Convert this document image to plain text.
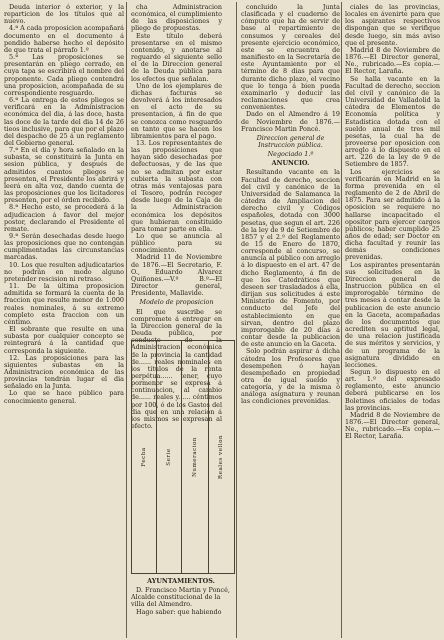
Deuda interior ó exterior, y la reparticion de los títulos que al nuevo.

4.ª A cada proposicion acompañará documento en el documento á pendido haberse hecho el depósito de que trata el párrafo 1.º

5.ª Las proposiciones se presentarán en pliego cerrado, en cuya tapa se escribirá el nombre del proponente. Cada pliego contendrá una proposicion, acompañada de su correspondiente resguardo.

6.ª La entrega de estos pliegos se verificará en la Administracion económica del dia, á las doce, hasta las doce de la tarde del dia 14 de 26 tieos inclusive, para que por el plazo del despacho de 25 á un reglamento del Gobierno general.

7.ª En el dia y hora señalado en la subasta, se constituirá la Junta en sesion pública, y después de admitidos cuantos pliegos se presenten, el Presidente los abrirá y leerá en alta voz, dando cuenta de las proposiciones que los licitadores presenten, por el órden recibido.

8.ª Hecho esto, se procederá á la adjudicacion á favor del mejor postor, declarando el Presidente el remate.

9.ª Serán desechadas desde luego las proposiciones que no contengan cumplimentadas las circunstancias marcadas.

10. Los que resulten adjudicatarios no podrán en modo alguno pretender rescision ni retraso.

11. De la última proposicion admitida se formará la cuenta de la fraccion que resulte menor de 1.000 reales nominales, á su extremo completo esta fraccion con un céntimo.

El sobrante que resulte en una subasta por cualquier concepto se reintegrará á la cantidad que corresponda la siguiente.

12. Las proposiciones para las siguientes subastas en la Administracion económica de las provincias tendrán lugar el dia señalado en la Junta.

Lo que se hace público para conocimiento general.

cha Administracion económica, el cumplimiento de las disposiciones y pliego de propuestas.

Este título deberá presentarse en el mismo contenido, y anotarse al reguardo el siguiente sello el de la Direccion general de la Deuda pública para los efectos que señalan.

Uno de los ejemplares de dichas facturas se devolverá á los interesados en el acto de su presentacion, á fin de que se conozca como resguardo en tanto que se hacen los libramientos para el pago.

13. Los representantes de las proposiciones que hayan sido desechadas por defectuosas, y de las que no se admitan por estar cubierta la subasta con otras más ventajosas para el Tesoro, podrán recoger desde luego de la Caja de la Administracion económica los depósitos que hubieran constituido para tomar parte en ella.

Lo que se anuncia al público para su conocimiento.

Madrid 11 de Noviembre de 1876.—El Secretario, F. O., Eduardo Alvarez Quiñones.—V.º B.º—El Director general, Presidente, Mallavide.

Modelo de proposicion

El que suscribe se compromete á entregar en la Direccion general de la Deuda pública, por conducto de la Administracion económica de la provincia, la cantidad de...... reales nominales en los títulos de la renta perpétua...... tener, cuyo pormenor se expresa á continuacion, al cambio de...... reales y...... céntimos por 100, ó de los Gastos del dia que en una relacion á los mismos se expresan al efecto.

Fecha	Serie	Numeracion	Reales vellon
AYUNTAMIENTOS.

D. Francisco Martin y Poncé, Alcalde constitucional de la villa del Almendro.

Hago saber: que habiendo

concluido la Junta clasificada y el cuaderno de cómputo que ha de servir de base al repartimiento de consumos y cereales del presente ejercicio económico, este se encuentra de manifiesto en la Secretaría de este Ayuntamiento por el término de 8 dias para que durante dicho plazo, el vecino que lo tenga á bien pueda examinarlo y deducir las reclamaciones que crea convenientes.

Dado en el Almendro á 19 de Noviembre de 1876.—Francisco Martin Poncé.

Direccion general de Instruccion pública.

Negociado 1.º

ANUNCIO.

Resultando vacante en la Facultad de derecho, seccion del civil y canónico de la Universidad de Salamanca la cátedra de Ampliacion del derecho civil y Códigos españoles, dotada con 3000 pesetas, que segun el art. 226 de la ley de 9 de Setiembre de 1857 y el 2.º del Reglamento de 15 de Enero de 1870, corresponde al concurso, se anuncia al público con arreglo á lo dispuesto en el art. 47 de dicho Reglamento, á fin de que los Catedráticos que deseen ser trasladados á ella, dirijan sus solicitudes á este Ministerio de Fomento, por conducto del Jefe del establecimiento en que sirvan, dentro del plazo improrogable de 20 dias á contar desde la publicacion de este anuncio en la Gaceta.

Solo podrán aspirar á dicha cátedra los Profesores que desempeñen ó hayan desempeñado en propiedad otra de igual sueldo y categoría, y de la misma ó análoga asignatura y reunan las condiciones prevenidas.

ciales de las provincias, locales en ávenirte para que los aspirantes respectivos dispongan que se verifique desde luego, sin más aviso que el presente.

Madrid 8 de Noviembre de 1876.—El Director general, Ne., rubricado.—Es copia.—El Rector, Laraña.

Se halla vacante en la Facultad de derecho, seccion del civil y canónico de la Universidad de Valladolid la cátedra de Elementos de Economía política y Estadística dotada con el sueldo anual de tres mil pesetas, la cual ha de proveerse por oposicion con arreglo á lo dispuesto en el art. 226 de la ley de 9 de Setiembre de 1857.

Los ejercicios se verificarán en Madrid en la forma prevenida en el reglamento de 2 de Abril de 1875. Para ser admitido á la oposicion se requiere no hallarse incapacitado el opositor para ejercer cargos públicos; haber cumplido 25 años de edad; ser Doctor en dicha facultad y reunir las demás condiciones prevenidas.

Los aspirantes presentarán sus solicitudes en la Direccion general de Instruccion pública en el improrogable término de tres meses á contar desde la publicacion de este anuncio en la Gaceta, acompañadas de los documentos que acrediten su aptitud legal, de una relacion justificada de sus méritos y servicios, y de un programa de la asignatura dividido en lecciones.

Segun lo dispuesto en el art. 1.º del expresado reglamento, este anuncio deberá publicarse en los Boletines oficiales de todas las provincias.

Madrid 8 de Noviembre de 1876.—El Director general, Ne., rubricado.—Es copia.—El Rector, Laraña.
